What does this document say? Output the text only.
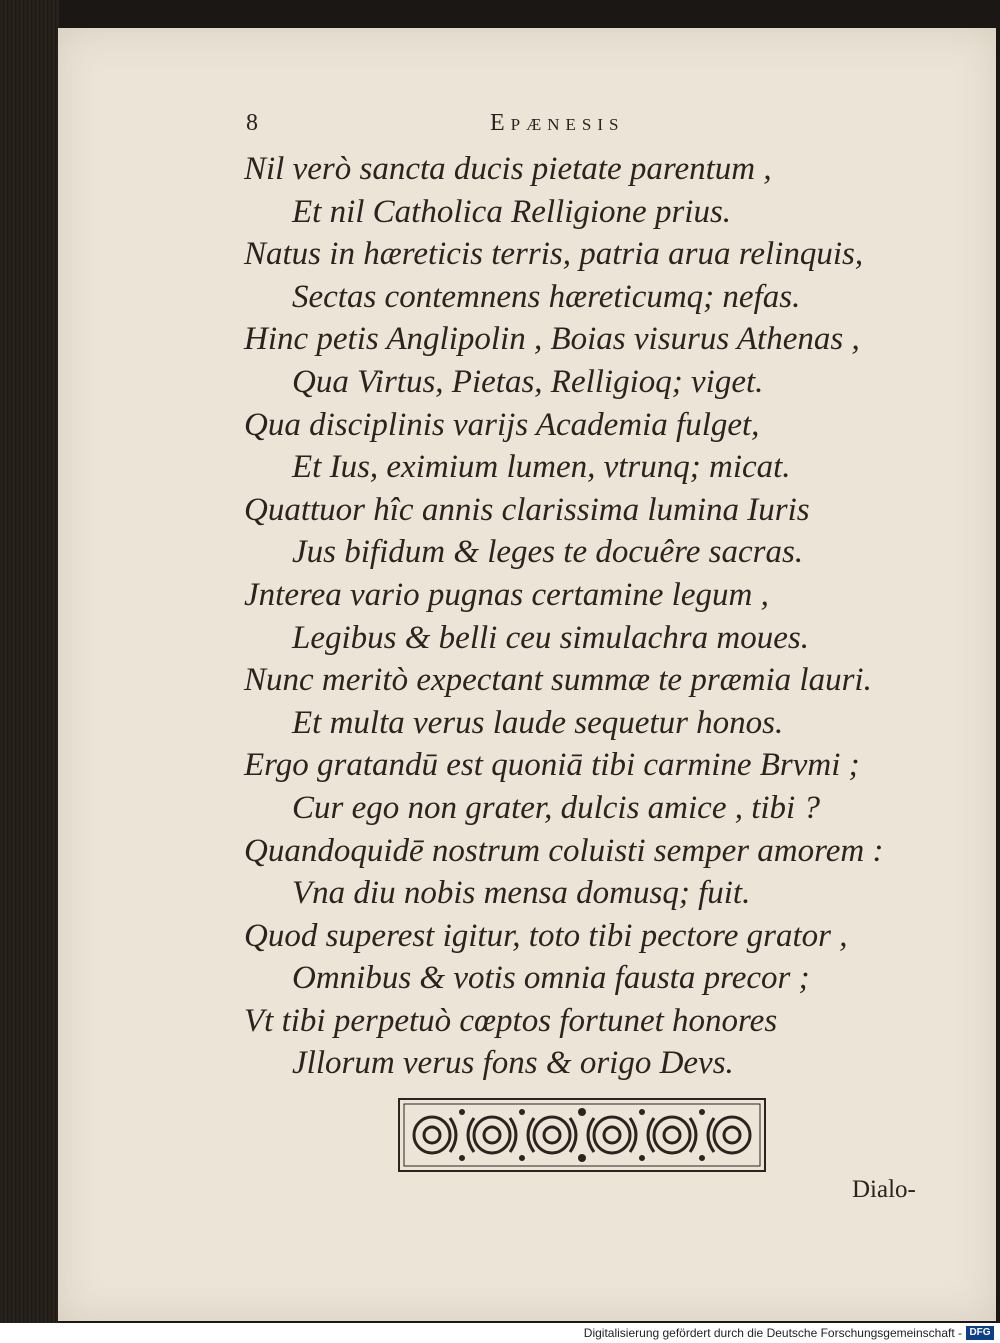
8	Epænesis
Nil verò sancta ducis pietate parentum ,
Et nil Catholica Relligione prius.
Natus in hæreticis terris, patria arua relinquis,
Sectas contemnens hæreticumq; nefas.
Hinc petis Anglipolin , Boias visurus Athenas ,
Qua Virtus, Pietas, Relligioq; viget.
Qua disciplinis varijs Academia fulget,
Et Ius, eximium lumen, vtrunq; micat.
Quattuor hîc annis clarissima lumina Iuris
Jus bifidum & leges te docuêre sacras.
Jnterea vario pugnas certamine legum ,
Legibus & belli ceu simulachra moues.
Nunc meritò expectant summæ te præmia lauri.
Et multa verus laude sequetur honos.
Ergo gratandū est quoniā tibi carmine Brvmi ;
Cur ego non grater, dulcis amice , tibi ?
Quandoquidē nostrum coluisti semper amorem :
Vna diu nobis mensa domusq; fuit.
Quod superest igitur, toto tibi pectore grator ,
Omnibus & votis omnia fausta precor ;
Vt tibi perpetuò cœptos fortunet honores
Jllorum verus fons & origo Devs.
Dialo-
Digitalisierung gefördert durch die Deutsche Forschungsgemeinschaft - DFG
